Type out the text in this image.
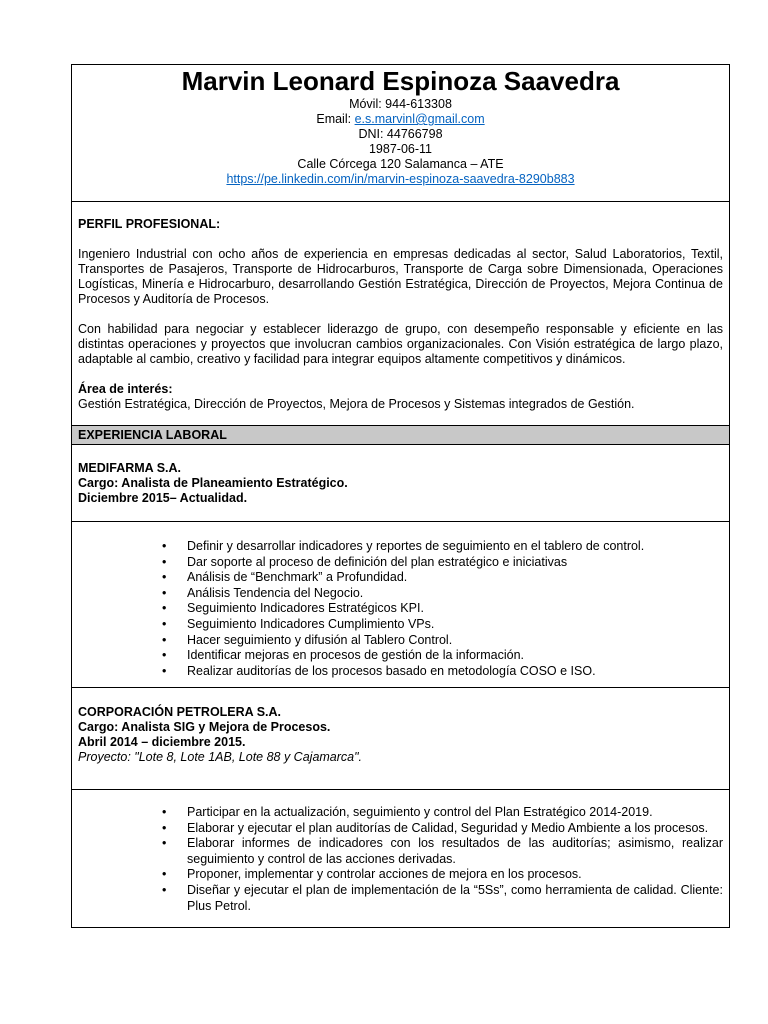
Marvin Leonard Espinoza Saavedra
Móvil: 944-613308
Email: e.s.marvinl@gmail.com
DNI: 44766798
1987-06-11
Calle Córcega 120 Salamanca – ATE
https://pe.linkedin.com/in/marvin-espinoza-saavedra-8290b883
PERFIL PROFESIONAL:
Ingeniero Industrial con ocho años de experiencia en empresas dedicadas al sector, Salud Laboratorios, Textil, Transportes de Pasajeros, Transporte de Hidrocarburos, Transporte de Carga sobre Dimensionada, Operaciones Logísticas, Minería e Hidrocarburo, desarrollando Gestión Estratégica, Dirección de Proyectos, Mejora Continua de Procesos y Auditoría de Procesos.
Con habilidad para negociar y establecer liderazgo de grupo, con desempeño responsable y eficiente en las distintas operaciones y proyectos que involucran cambios organizacionales. Con Visión estratégica de largo plazo, adaptable al cambio, creativo y facilidad para integrar equipos altamente competitivos y dinámicos.
Área de interés:
Gestión Estratégica, Dirección de Proyectos, Mejora de Procesos y Sistemas integrados de Gestión.
EXPERIENCIA LABORAL
MEDIFARMA S.A.
Cargo: Analista de Planeamiento Estratégico.
Diciembre 2015– Actualidad.
• Definir y desarrollar indicadores y reportes de seguimiento en el tablero de control.
• Dar soporte al proceso de definición del plan estratégico e iniciativas
• Análisis de “Benchmark” a Profundidad.
• Análisis Tendencia del Negocio.
• Seguimiento Indicadores Estratégicos KPI.
• Seguimiento Indicadores Cumplimiento VPs.
• Hacer seguimiento y difusión al Tablero Control.
• Identificar mejoras en procesos de gestión de la información.
• Realizar auditorías de los procesos basado en metodología COSO e ISO.
CORPORACIÓN PETROLERA S.A.
Cargo: Analista SIG y Mejora de Procesos.
Abril 2014 – diciembre 2015.
Proyecto: "Lote 8, Lote 1AB, Lote 88 y Cajamarca".
• Participar en la actualización, seguimiento y control del Plan Estratégico 2014-2019.
• Elaborar y ejecutar el plan auditorías de Calidad, Seguridad y Medio Ambiente a los procesos.
• Elaborar informes de indicadores con los resultados de las auditorías; asimismo, realizar seguimiento y control de las acciones derivadas.
• Proponer, implementar y controlar acciones de mejora en los procesos.
• Diseñar y ejecutar el plan de implementación de la “5Ss”, como herramienta de calidad. Cliente: Plus Petrol.
